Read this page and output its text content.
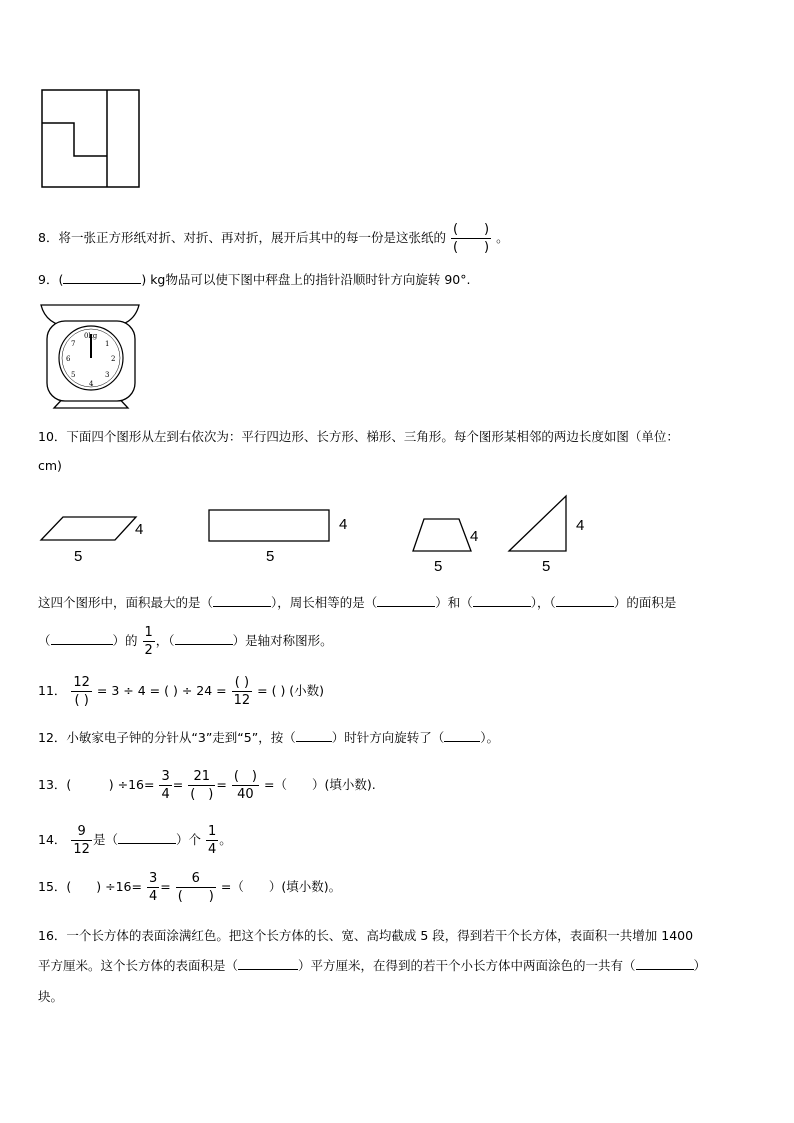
8．将一张正方形纸对折、对折、再对折，展开后其中的每一份是这张纸的 $\frac{( )}{( )}$ 。
9．(	) kg物品可以使下图中秤盘上的指针沿顺时针方向旋转 90°.
0kg
1
2
3
4
5
6
7
10．下面四个图形从左到右依次为：平行四边形、长方形、梯形、三角形。每个图形某相邻的两边长度如图（单位：
cm)
4
5
4
5
4
5
4
5
这四个图形中，面积最大的是（	），周长相等的是（	）和（	），（	）的面积是
（	）的 $\frac{1}{2}$ ，（	）是轴对称图形。
11． $\frac{12}{( )} = 3 \div 4$ = ( ) ÷ $24 = \frac{( )}{12}$ = ( ) (小数)
12．小敏家电子钟的分针从“3”走到“5”，按（	）时针方向旋转了（	）。
13．(　　　) $\div 16= \frac{3}{4} = \frac{21}{( )} = \frac{( )}{40}$ =（　　）(填小数).
14． $\frac{9}{12}$ 是（	）个 $\frac{1}{4}$ 。
15．(　　) $\div 16= \frac{3}{4} = \frac{6}{( )}$ =（　　）(填小数)。
16．一个长方体的表面涂满红色。把这个长方体的长、宽、高均截成 5 段，得到若干个长方体，表面积一共增加 1400
平方厘米。这个长方体的表面积是（	）平方厘米，在得到的若干个小长方体中两面涂色的一共有（	）
块。
